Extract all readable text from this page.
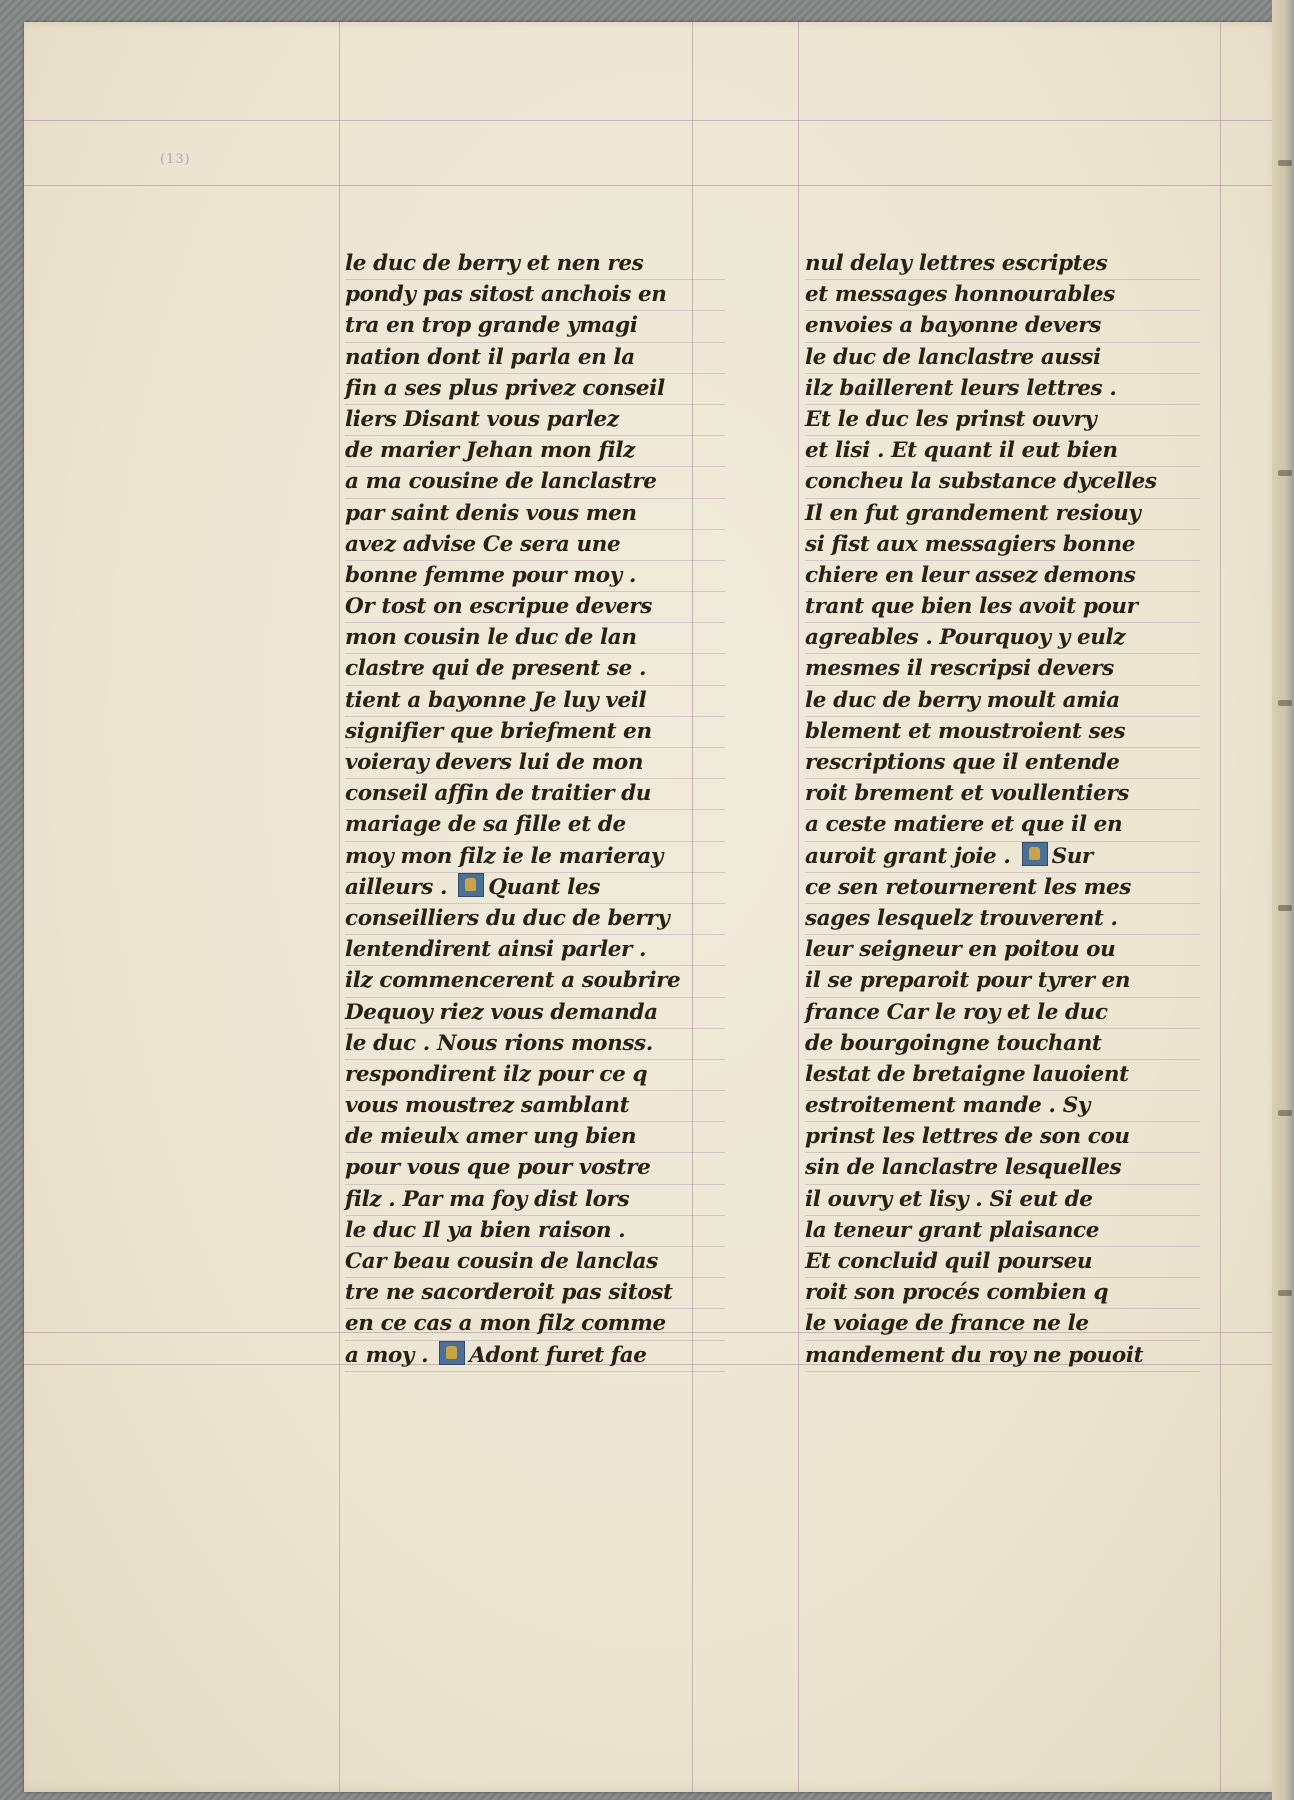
(13)
le duc de berry et nen res
pondy pas sitost anchois en
tra en trop grande ymagi
nation dont il parla en la
fin a ses plus privez conseil
liers Disant vous parlez
de marier Jehan mon filz
a ma cousine de lanclastre
par saint denis vous men
avez advise Ce sera une
bonne femme pour moy .
Or tost on escripue devers
mon cousin le duc de lan
clastre qui de present se .
tient a bayonne Je luy veil
signifier que briefment en
voieray devers lui de mon
conseil affin de traitier du
mariage de sa fille et de
moy mon filz ie le marieray
ailleurs . Quant les
conseilliers du duc de berry
lentendirent ainsi parler .
ilz commencerent a soubrire
Dequoy riez vous demanda
le duc . Nous rions monss.
respondirent ilz pour ce q
vous moustrez samblant
de mieulx amer ung bien
pour vous que pour vostre
filz . Par ma foy dist lors
le duc Il ya bien raison .
Car beau cousin de lanclas
tre ne sacorderoit pas sitost
en ce cas a mon filz comme
a moy . Adont furet fae
nul delay lettres escriptes
et messages honnourables
envoies a bayonne devers
le duc de lanclastre aussi
ilz baillerent leurs lettres .
Et le duc les prinst ouvry
et lisi . Et quant il eut bien
concheu la substance dycelles
Il en fut grandement resiouy
si fist aux messagiers bonne
chiere en leur assez demons
trant que bien les avoit pour
agreables . Pourquoy y eulz
mesmes il rescripsi devers
le duc de berry moult amia
blement et moustroient ses
rescriptions que il entende
roit brement et voullentiers
a ceste matiere et que il en
auroit grant joie . Sur
ce sen retournerent les mes
sages lesquelz trouverent .
leur seigneur en poitou ou
il se preparoit pour tyrer en
france Car le roy et le duc
de bourgoingne touchant
lestat de bretaigne lauoient
estroitement mande . Sy
prinst les lettres de son cou
sin de lanclastre lesquelles
il ouvry et lisy . Si eut de
la teneur grant plaisance
Et concluid quil pourseu
roit son procés combien q
le voiage de france ne le
mandement du roy ne pouoit
